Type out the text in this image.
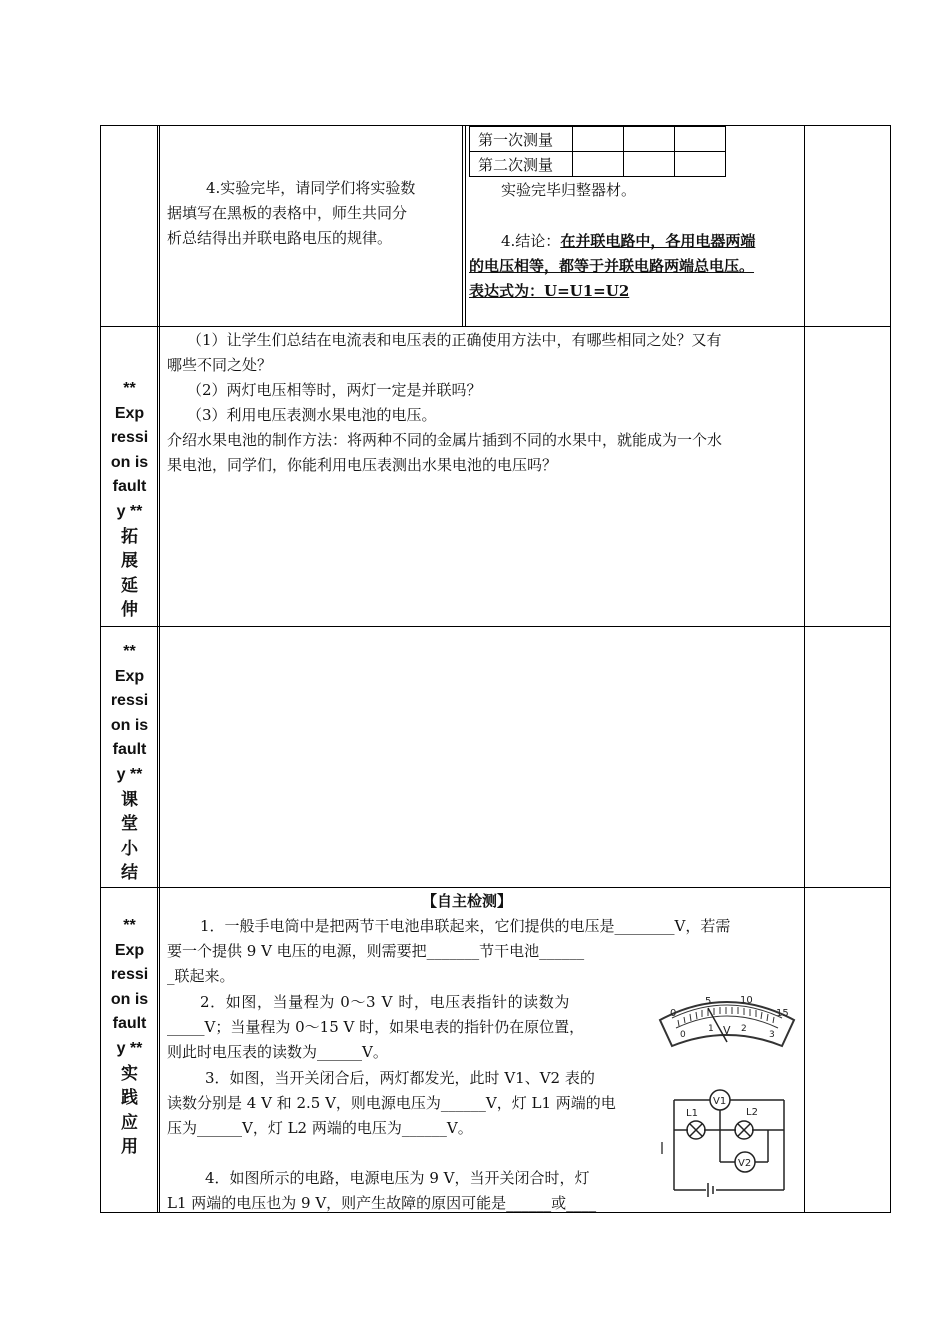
第一次测量			
第二次测量			
4.实验完毕，请同学们将实验数
据填写在黑板的表格中，师生共同分
析总结得出并联电路电压的规律。
实验完毕归整器材。
4.结论：在并联电路中，各用电器两端
的电压相等，都等于并联电路两端总电压。
表达式为：U=U1=U2
**
Exp
ressi
on is
fault
y **
拓
展
延
伸
（1）让学生们总结在电流表和电压表的正确使用方法中，有哪些相同之处？又有
哪些不同之处？
（2）两灯电压相等时，两灯一定是并联吗？
（3）利用电压表测水果电池的电压。
介绍水果电池的制作方法：将两种不同的金属片插到不同的水果中，就能成为一个水
果电池，同学们，你能利用电压表测出水果电池的电压吗？
**
Exp
ressi
on is
fault
y **
课
堂
小
结
**
Exp
ressi
on is
fault
y **
实
践
应
用
【自主检测】
1．一般手电筒中是把两节干电池串联起来，它们提供的电压是________V，若需
要一个提供 9 V 电压的电源，则需要把_______节干电池______
_联起来。
2．如图，当量程为 0～3 V 时，电压表指针的读数为
_____V；当量程为 0～15 V 时，如果电表的指针仍在原位置，
则此时电压表的读数为______V。
3．如图，当开关闭合后，两灯都发光，此时 V1、V2 表的
读数分别是 4 V 和 2.5 V，则电源电压为______V，灯 L1 两端的电
压为______V，灯 L2 两端的电压为______V。
4．如图所示的电路，电源电压为 9 V，当开关闭合时，灯
L1 两端的电压也为 9 V，则产生故障的原因可能是______或____
0
5	10
15
0
1	2
3
V
V1
V2
L1	L2
